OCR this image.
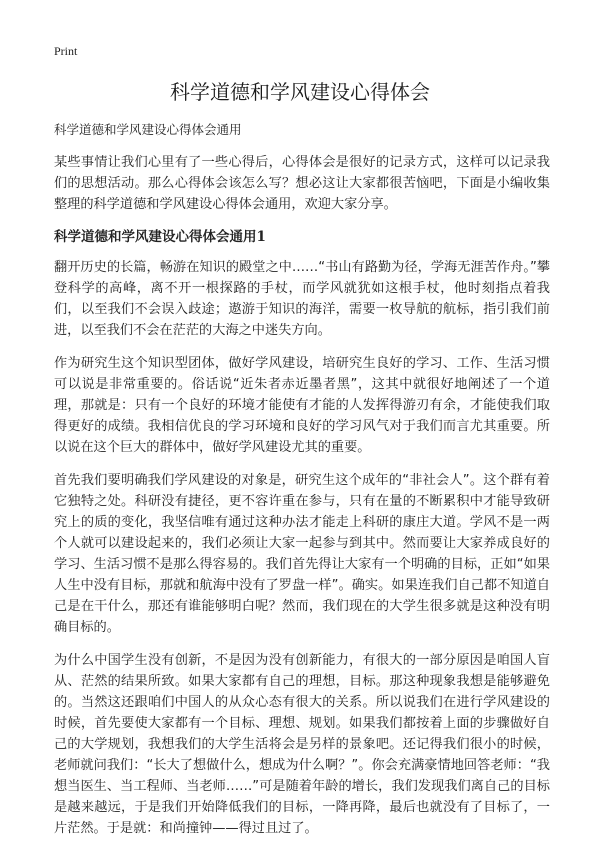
Print
科学道德和学风建设心得体会
科学道德和学风建设心得体会通用

某些事情让我们心里有了一些心得后，心得体会是很好的记录方式，这样可以记录我们的思想活动。那么心得体会该怎么写？想必这让大家都很苦恼吧，下面是小编收集整理的科学道德和学风建设心得体会通用，欢迎大家分享。

科学道德和学风建设心得体会通用1

翻开历史的长篇，畅游在知识的殿堂之中……“书山有路勤为径，学海无涯苦作舟。”攀登科学的高峰，离不开一根探路的手杖，而学风就犹如这根手杖，他时刻指点着我们，以至我们不会误入歧途；遨游于知识的海洋，需要一枚导航的航标，指引我们前进，以至我们不会在茫茫的大海之中迷失方向。

作为研究生这个知识型团体，做好学风建设，培研究生良好的学习、工作、生活习惯可以说是非常重要的。俗话说“近朱者赤近墨者黑”，这其中就很好地阐述了一个道理，那就是：只有一个良好的环境才能使有才能的人发挥得游刃有余，才能使我们取得更好的成绩。我相信优良的学习环境和良好的学习风气对于我们而言尤其重要。所以说在这个巨大的群体中，做好学风建设尤其的重要。

首先我们要明确我们学风建设的对象是，研究生这个成年的“非社会人”。这个群有着它独特之处。科研没有捷径，更不容许重在参与，只有在量的不断累积中才能导致研究上的质的变化，我坚信唯有通过这种办法才能走上科研的康庄大道。学风不是一两个人就可以建设起来的，我们必须让大家一起参与到其中。然而要让大家养成良好的学习、生活习惯不是那么得容易的。我们首先得让大家有一个明确的目标，正如“如果人生中没有目标，那就和航海中没有了罗盘一样”。确实。如果连我们自己都不知道自己是在干什么，那还有谁能够明白呢？然而，我们现在的大学生很多就是这种没有明确目标的。

为什么中国学生没有创新，不是因为没有创新能力，有很大的一部分原因是咱国人盲从、茫然的结果所致。如果大家都有自己的理想，目标。那这种现象我想是能够避免的。当然这还跟咱们中国人的从众心态有很大的关系。所以说我们在进行学风建设的时候，首先要使大家都有一个目标、理想、规划。如果我们都按着上面的步骤做好自己的大学规划，我想我们的大学生活将会是另样的景象吧。还记得我们很小的时候，老师就问我们：“长大了想做什么，想成为什么啊？”。你会充满豪情地回答老师：“我想当医生、当工程师、当老师……”可是随着年龄的增长，我们发现我们离自己的目标是越来越远，于是我们开始降低我们的目标，一降再降，最后也就没有了目标了，一片茫然。于是就：和尚撞钟——得过且过了。
